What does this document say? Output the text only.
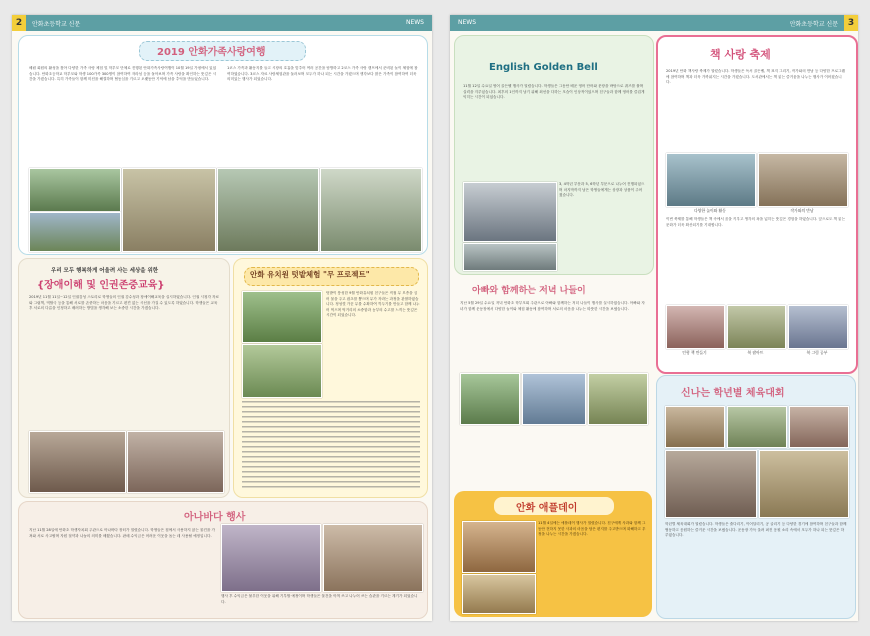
2	안화초등학교 신문	NEWS
2019 안화가족사랑여행
혜림 회원의 활성을 찾아 다양한 가족 사랑 체험 및 학부모 단체로 진행된 안화가족사랑여행이 10월 19일 가평에서 있었습니다. 안화초등학교 학부모와 학생 100가족 300명이 참여하여 자라섬 등을 돌아보며 가족 사랑을 확인하는 뜻깊은 시간을 가졌습니다. 특히 가족들이 함께 미션을 해결하며 협동심을 기르고 오랫동안 기억에 남을 추억을 만들었습니다.
1코스 가족과 활동지를 들고 시장의 호흡을 맞추어 여러 공간을 탐방하고 2코스 가족 사랑 캠프에서 준비된 놀이 체험에 참여하였습니다. 3코스 자료 사랑체험관을 둘러보며 모두가 하나 되는 시간을 가졌으며 생각보다 많은 가족이 참여하여 더욱 의미있는 행사가 되었습니다.
우리 모두 행복하게 어울려 사는 세상을 위한
{장애이해 및 인권존중교육}
2019년 11월 11일~12일 인권감성 스토리로 학생들의 인권 감수성과 장애이해교육을 실시하였습니다. 인권 시청각 자료와 그림책, 역할극 등을 통해 서로를 존중하는 마음을 기르고 편견 없는 시선을 가질 수 있도록 하였습니다. 학생들은 교육 후 서로의 다름을 인정하고 배려하는 방법을 생각해 보는 소중한 시간을 가졌습니다.
안화 유치원 텃밭체험 "무 프로젝트"
텃밭이 풍성한 9월 안화유치원 친구들은 직접 무 모종을 심어 물을 주고 잡초를 뽑으며 무가 자라는 과정을 관찰하였습니다. 정성껏 가꾼 무를 수확하여 깍두기를 만들고 함께 나누어 먹으며 먹거리의 소중함과 농부의 수고를 느끼는 뜻깊은 시간이 되었습니다.
아나바다 행사
지난 11월 28일에 안화초 학생자치회 주관으로 아나바다 장터가 열렸습니다. 학생들은 집에서 사용하지 않는 물건을 가져와 서로 사고팔며 자원 절약과 나눔의 의미를 배웠습니다. 판매 수익금은 어려운 이웃을 돕는 데 사용될 예정입니다.
행사 후 수익금은 불우한 이웃을 위해 기부할 예정이며 학생들은 물건을 아껴 쓰고 나누어 쓰는 습관을 기르는 계기가 되었습니다.
NEWS	안화초등학교 신문	3
English Golden Bell
11월 12일 수요일 영어 골든벨 행사가 열렸습니다. 학생들은 그동안 배운 영어 단어와 문장을 바탕으로 퀴즈를 풀며 실력을 겨루었습니다. 최후의 1인까지 남기 위해 최선을 다하는 모습이 인상적이었으며 친구들과 함께 영어를 즐겁게 익히는 시간이 되었습니다.
3, 4학년 부문과 5, 6학년 부문으로 나누어 진행되었으며 마지막까지 남은 학생들에게는 상장과 상품이 주어졌습니다.
책 사랑 축제
2019년 안화 책사랑 축제가 열렸습니다. 학생들은 독서 골든벨, 책 표지 그리기, 작가와의 만남 등 다양한 프로그램에 참여하며 책과 더욱 가까워지는 시간을 가졌습니다. 도서관에서는 책 읽는 즐거움을 나누는 행사가 이어졌습니다.
다양한 놀이와 활동	작가와의 만남
이번 축제를 통해 학생들은 책 속에서 꿈을 키우고 생각의 폭을 넓히는 뜻깊은 경험을 하였습니다. 앞으로도 책 읽는 문화가 더욱 확산되기를 기대합니다.
인형 책 만들기	북 팝아트	북 그림 공부
아빠와 함께하는 저녁 나들이
지난 5월 29일 수요일 저녁 안화초 학부모회 주관으로 아빠와 함께하는 저녁 나들이 행사를 실시하였습니다. 아빠와 자녀가 함께 운동장에서 다양한 놀이와 체험 활동에 참여하며 서로의 마음을 나누는 따뜻한 시간을 보냈습니다.
안화 애플데이
11월 4일에는 애플데이 행사가 열렸습니다. 친구에게 사과와 함께 그동안 전하지 못한 사과의 마음을 담은 편지를 주고받으며 화해하고 우정을 나누는 시간을 가졌습니다.
신나는 학년별 체육대회
학년별 체육대회가 열렸습니다. 학생들은 줄다리기, 이어달리기, 공 굴리기 등 다양한 경기에 참여하며 친구들과 함께 협동하고 응원하는 즐거운 시간을 보냈습니다. 운동장 가득 울려 퍼진 응원 소리 속에서 모두가 하나 되는 뜻깊은 하루였습니다.
